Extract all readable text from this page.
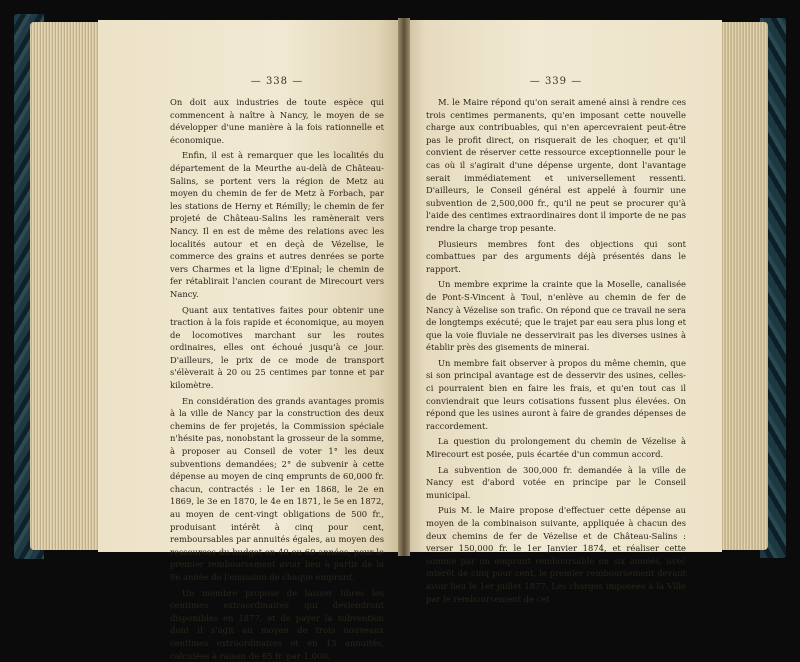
— 338 —

On doit aux industries de toute espèce qui commencent à naître à Nancy, le moyen de se développer d'une manière à la fois rationnelle et économique.

Enfin, il est à remarquer que les localités du département de la Meurthe au-delà de Château-Salins, se portent vers la région de Metz au moyen du chemin de fer de Metz à Forbach, par les stations de Herny et Rémilly; le chemin de fer projeté de Château-Salins les ramènerait vers Nancy. Il en est de même des relations avec les localités autour et en deçà de Vézelise, le commerce des grains et autres denrées se porte vers Charmes et la ligne d'Epinal; le chemin de fer rétablirait l'ancien courant de Mirecourt vers Nancy.

Quant aux tentatives faites pour obtenir une traction à la fois rapide et économique, au moyen de locomotives marchant sur les routes ordinaires, elles ont échoué jusqu'à ce jour. D'ailleurs, le prix de ce mode de transport s'élèverait à 20 ou 25 centimes par tonne et par kilomètre.

En considération des grands avantages promis à la ville de Nancy par la construction des deux chemins de fer projetés, la Commission spéciale n'hésite pas, nonobstant la grosseur de la somme, à proposer au Conseil de voter 1° les deux subventions demandées; 2° de subvenir à cette dépense au moyen de cinq emprunts de 60,000 fr. chacun, contractés : le 1er en 1868, le 2e en 1869, le 3e en 1870, le 4e en 1871, le 5e en 1872, au moyen de cent-vingt obligations de 500 fr., produisant intérêt à cinq pour cent, remboursables par annuités égales, au moyen des ressources du budget en 40 ou 60 années, pour le premier remboursement avoir lieu à partir de la 9e année de l'émission de chaque emprunt.

Un membre propose de laisser libres les centimes extraordinaires qui deviendront disponibles en 1877, et de payer la subvention dont il s'agit au moyen de trois nouveaux centimes extraordinaires et en 13 annuités, calculées à raison de 85 fr. par 1,000.

— 339 —

M. le Maire répond qu'on serait amené ainsi à rendre ces trois centimes permanents, qu'en imposant cette nouvelle charge aux contribuables, qui n'en apercevraient peut-être pas le profit direct, on risquerait de les choquer, et qu'il convient de réserver cette ressource exceptionnelle pour le cas où il s'agirait d'une dépense urgente, dont l'avantage serait immédiatement et universellement ressenti. D'ailleurs, le Conseil général est appelé à fournir une subvention de 2,500,000 fr., qu'il ne peut se procurer qu'à l'aide des centimes extraordinaires dont il importe de ne pas rendre la charge trop pesante.

Plusieurs membres font des objections qui sont combattues par des arguments déjà présentés dans le rapport.

Un membre exprime la crainte que la Moselle, canalisée de Pont-S-Vincent à Toul, n'enlève au chemin de fer de Nancy à Vézelise son trafic. On répond que ce travail ne sera de longtemps exécuté; que le trajet par eau sera plus long et que la voie fluviale ne desservirait pas les diverses usines à établir près des gisements de minerai.

Un membre fait observer à propos du même chemin, que si son principal avantage est de desservir des usines, celles-ci pourraient bien en faire les frais, et qu'en tout cas il conviendrait que leurs cotisations fussent plus élevées. On répond que les usines auront à faire de grandes dépenses de raccordement.

La question du prolongement du chemin de Vézelise à Mirecourt est posée, puis écartée d'un commun accord.

La subvention de 300,000 fr. demandée à la ville de Nancy est d'abord votée en principe par le Conseil municipal.

Puis M. le Maire propose d'effectuer cette dépense au moyen de la combinaison suivante, appliquée à chacun des deux chemins de fer de Vézelise et de Château-Salins : verser 150,000 fr. le 1er Janvier 1874, et réaliser cette somme par un emprunt remboursable en six années, avec intérêt de cinq pour cent, le premier remboursement devant avoir lieu le 1er juillet 1877. Les charges imposées à la Ville par le remboursement de cet
